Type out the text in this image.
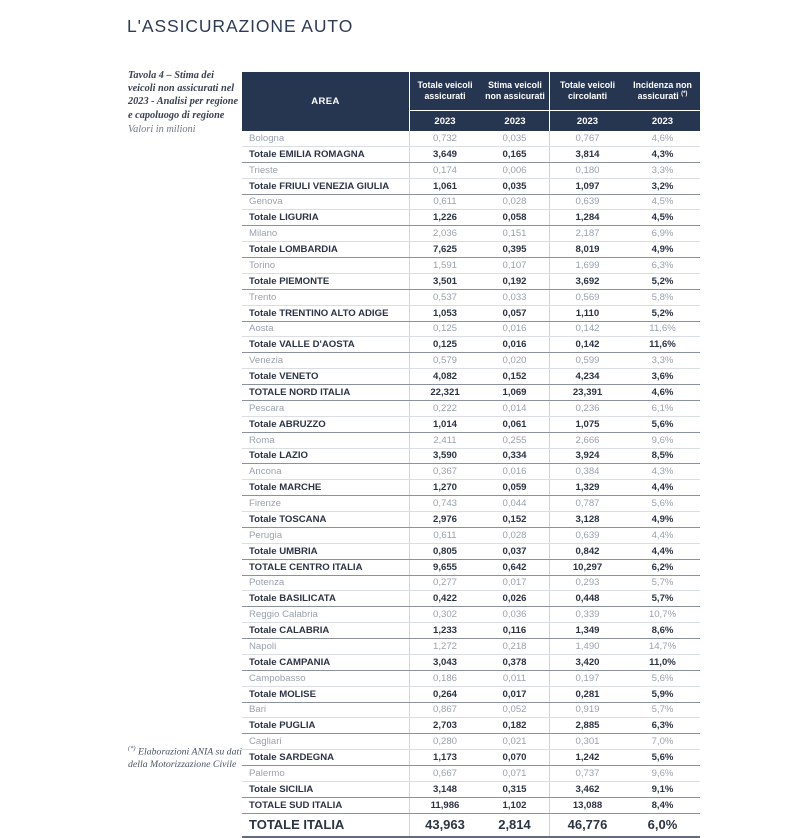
L'ASSICURAZIONE AUTO

Tavola 4 – Stima dei veicoli non assicurati nel 2023 - Analisi per regione e capoluogo di regione

Valori in milioni

(*) Elaborazioni ANIA su dati della Motorizzazione Civile

AREA
Totale veicoli assicurati
Stima veicoli non assicurati
2023	2023
Totale veicoli circolanti
Incidenza non assicurati (*)
2023	2023
Bologna	0,732	0,035	0,767	4,6%
Totale EMILIA ROMAGNA	3,649	0,165	3,814	4,3%
Trieste	0,174	0,006	0,180	3,3%
Totale FRIULI VENEZIA GIULIA	1,061	0,035	1,097	3,2%
Genova	0,611	0,028	0,639	4,5%
Totale LIGURIA	1,226	0,058	1,284	4,5%
Milano	2,036	0,151	2,187	6,9%
Totale LOMBARDIA	7,625	0,395	8,019	4,9%
Torino	1,591	0,107	1,699	6,3%
Totale PIEMONTE	3,501	0,192	3,692	5,2%
Trento	0,537	0,033	0,569	5,8%
Totale TRENTINO ALTO ADIGE	1,053	0,057	1,110	5,2%
Aosta	0,125	0,016	0,142	11,6%
Totale VALLE D'AOSTA	0,125	0,016	0,142	11,6%
Venezia	0,579	0,020	0,599	3,3%
Totale VENETO	4,082	0,152	4,234	3,6%
TOTALE NORD ITALIA	22,321	1,069	23,391	4,6%
Pescara	0,222	0,014	0,236	6,1%
Totale ABRUZZO	1,014	0,061	1,075	5,6%
Roma	2,411	0,255	2,666	9,6%
Totale LAZIO	3,590	0,334	3,924	8,5%
Ancona	0,367	0,016	0,384	4,3%
Totale MARCHE	1,270	0,059	1,329	4,4%
Firenze	0,743	0,044	0,787	5,6%
Totale TOSCANA	2,976	0,152	3,128	4,9%
Perugia	0,611	0,028	0,639	4,4%
Totale UMBRIA	0,805	0,037	0,842	4,4%
TOTALE CENTRO ITALIA	9,655	0,642	10,297	6,2%
Potenza	0,277	0,017	0,293	5,7%
Totale BASILICATA	0,422	0,026	0,448	5,7%
Reggio Calabria	0,302	0,036	0,339	10,7%
Totale CALABRIA	1,233	0,116	1,349	8,6%
Napoli	1,272	0,218	1,490	14,7%
Totale CAMPANIA	3,043	0,378	3,420	11,0%
Campobasso	0,186	0,011	0,197	5,6%
Totale MOLISE	0,264	0,017	0,281	5,9%
Bari	0,867	0,052	0,919	5,7%
Totale PUGLIA	2,703	0,182	2,885	6,3%
Cagliari	0,280	0,021	0,301	7,0%
Totale SARDEGNA	1,173	0,070	1,242	5,6%
Palermo	0,667	0,071	0,737	9,6%
Totale SICILIA	3,148	0,315	3,462	9,1%
TOTALE SUD ITALIA	11,986	1,102	13,088	8,4%
TOTALE ITALIA	43,963	2,814	46,776	6,0%
